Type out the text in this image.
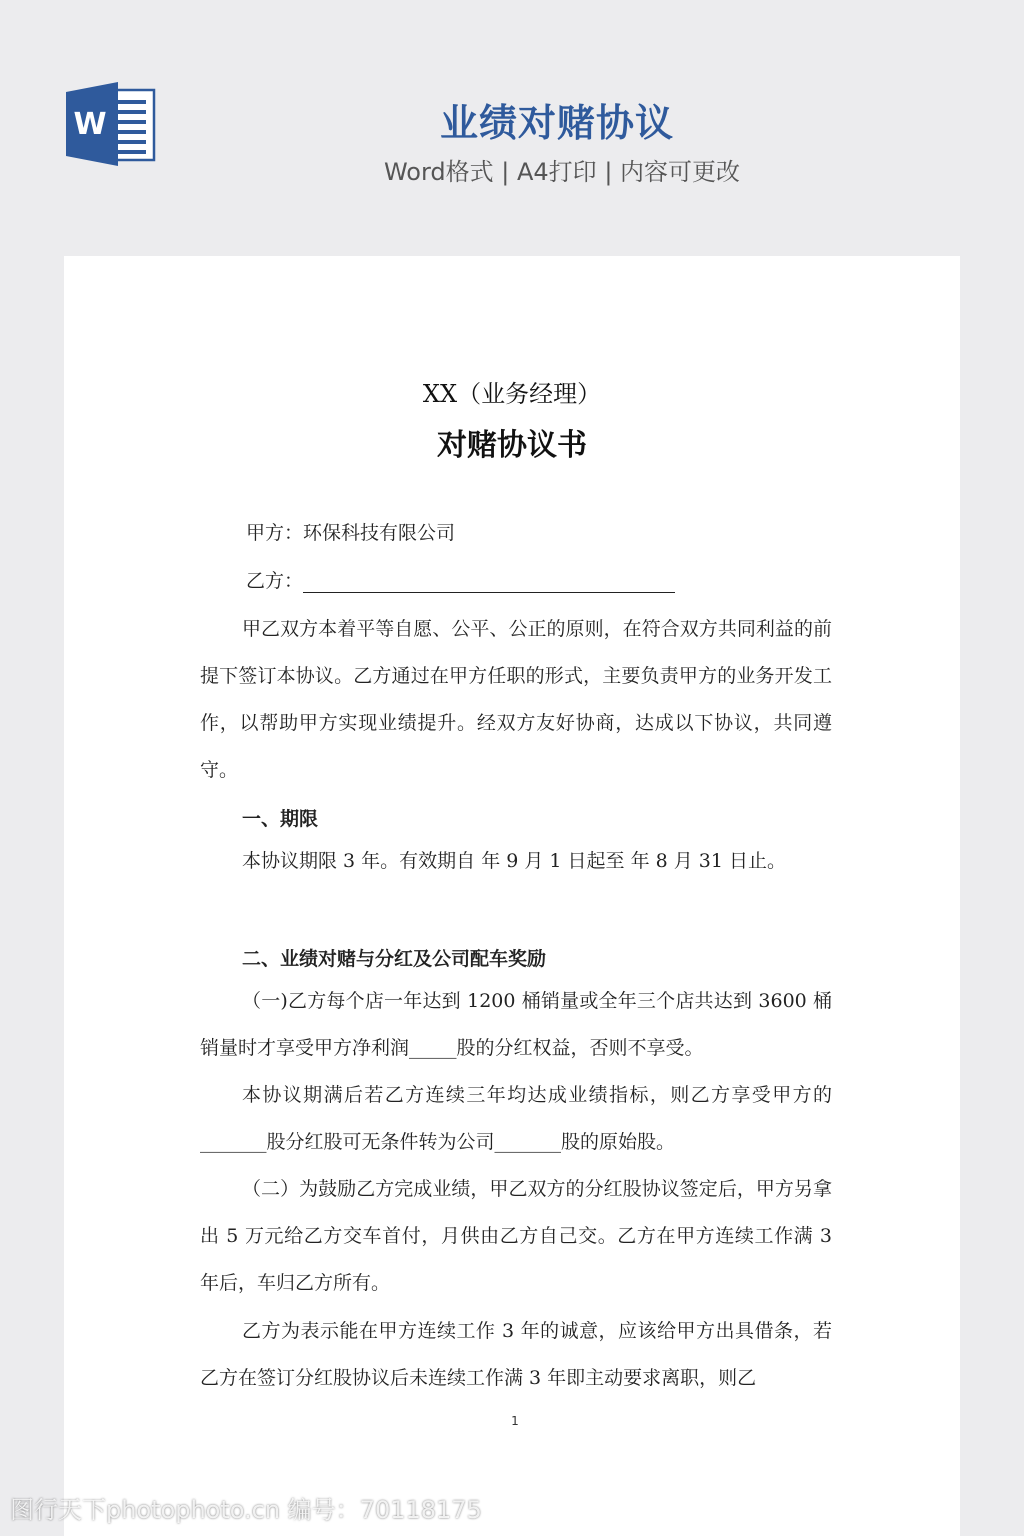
W	业绩对赌协议
Word格式 | A4打印 | 内容可更改
XX（业务经理）
对赌协议书
甲方：环保科技有限公司
乙方：
甲乙双方本着平等自愿、公平、公正的原则，在符合双方共同利益的前提下签订本协议。乙方通过在甲方任职的形式，主要负责甲方的业务开发工作，以帮助甲方实现业绩提升。经双方友好协商，达成以下协议，共同遵守。
一、期限
本协议期限 3 年。有效期自 年 9 月 1 日起至 年 8 月 31 日止。
二、业绩对赌与分红及公司配车奖励
（一)乙方每个店一年达到 1200 桶销量或全年三个店共达到 3600 桶销量时才享受甲方净利润_____股的分红权益，否则不享受。
本协议期满后若乙方连续三年均达成业绩指标，则乙方享受甲方的_______股分红股可无条件转为公司_______股的原始股。
（二）为鼓励乙方完成业绩，甲乙双方的分红股协议签定后，甲方另拿出 5 万元给乙方交车首付，月供由乙方自己交。乙方在甲方连续工作满 3 年后，车归乙方所有。
乙方为表示能在甲方连续工作 3 年的诚意，应该给甲方出具借条，若乙方在签订分红股协议后未连续工作满 3 年即主动要求离职，则乙
1
图行天下photophoto.cn 编号：70118175
